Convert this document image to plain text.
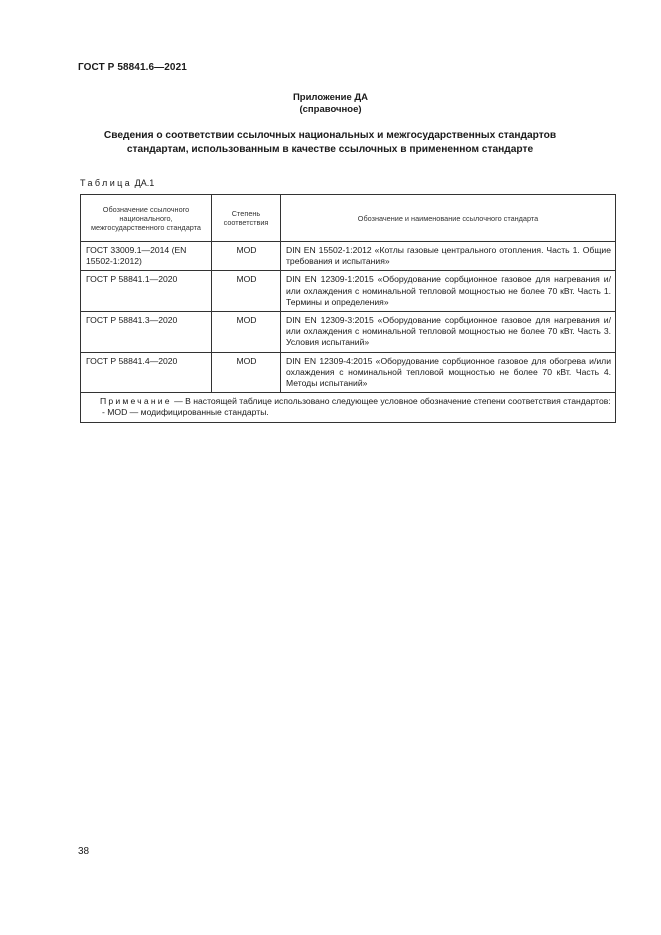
ГОСТ Р 58841.6—2021
Приложение ДА
(справочное)
Сведения о соответствии ссылочных национальных и межгосударственных стандартов стандартам, использованным в качестве ссылочных в примененном стандарте
Таблица ДА.1
Обозначение ссылочного национального, межгосударственного стандарта	Степень соответствия	Обозначение и наименование ссылочного стандарта
ГОСТ 33009.1—2014 (EN 15502-1:2012)	MOD	DIN EN 15502-1:2012 «Котлы газовые центрального отопления. Часть 1. Общие требования и испытания»
ГОСТ Р 58841.1—2020	MOD	DIN EN 12309-1:2015 «Оборудование сорбционное газовое для нагревания и/или охлаждения с номинальной тепловой мощностью не более 70 кВт. Часть 1. Термины и определения»
ГОСТ Р 58841.3—2020	MOD	DIN EN 12309-3:2015 «Оборудование сорбционное газовое для нагревания и/или охлаждения с номинальной тепловой мощностью не более 70 кВт. Часть 3. Условия испытаний»
ГОСТ Р 58841.4—2020	MOD	DIN EN 12309-4:2015 «Оборудование сорбционное газовое для обогрева и/или охлаждения с номинальной тепловой мощностью не более 70 кВт. Часть 4. Методы испытаний»
Примечание — В настоящей таблице использовано следующее условное обозначение степени соответствия стандартов:
- MOD — модифицированные стандарты.		
38
